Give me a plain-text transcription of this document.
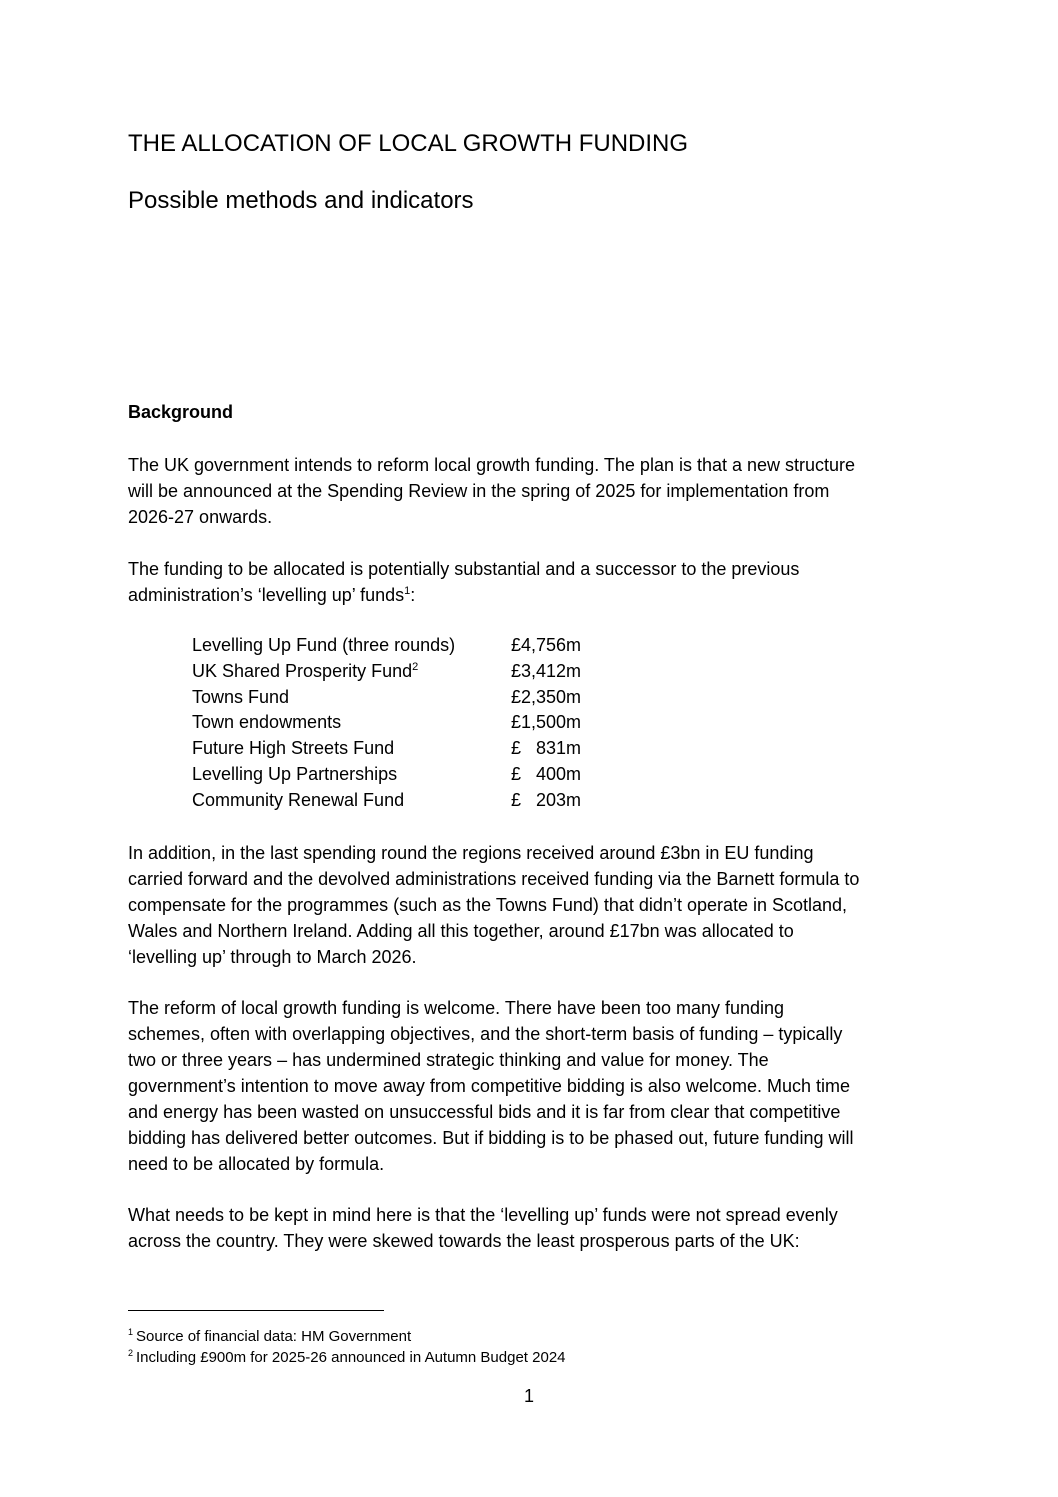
THE ALLOCATION OF LOCAL GROWTH FUNDING
Possible methods and indicators
Background

The UK government intends to reform local growth funding. The plan is that a new structure
will be announced at the Spending Review in the spring of 2025 for implementation from
2026-27 onwards.

The funding to be allocated is potentially substantial and a successor to the previous
administration’s ‘levelling up’ funds$^1$:

Levelling Up Fund (three rounds)	£4,756m
UK Shared Prosperity Fund$^2$	£3,412m
Towns Fund	£2,350m
Town endowments	£1,500m
Future High Streets Fund	£   831m
Levelling Up Partnerships	£   400m
Community Renewal Fund	£   203m

In addition, in the last spending round the regions received around £3bn in EU funding
carried forward and the devolved administrations received funding via the Barnett formula to
compensate for the programmes (such as the Towns Fund) that didn’t operate in Scotland,
Wales and Northern Ireland. Adding all this together, around £17bn was allocated to
‘levelling up’ through to March 2026.

The reform of local growth funding is welcome. There have been too many funding
schemes, often with overlapping objectives, and the short-term basis of funding – typically
two or three years – has undermined strategic thinking and value for money. The
government’s intention to move away from competitive bidding is also welcome. Much time
and energy has been wasted on unsuccessful bids and it is far from clear that competitive
bidding has delivered better outcomes. But if bidding is to be phased out, future funding will
need to be allocated by formula.

What needs to be kept in mind here is that the ‘levelling up’ funds were not spread evenly
across the country. They were skewed towards the least prosperous parts of the UK:

$^1$ Source of financial data: HM Government
$^2$ Including £900m for 2025-26 announced in Autumn Budget 2024
1
